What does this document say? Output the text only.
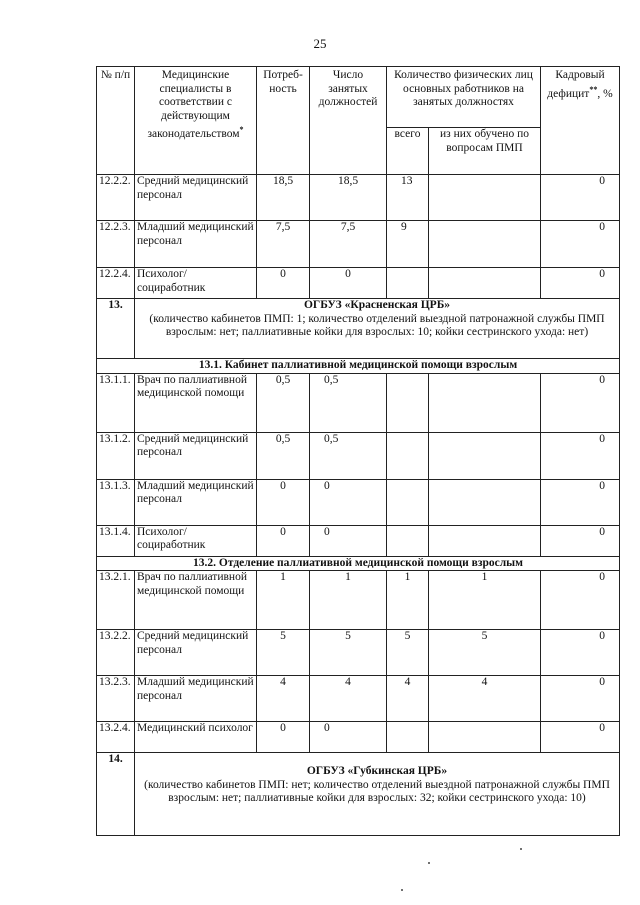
25
№ п/п	Медицинские специалисты в соответствии с действующим законодательством*	Потреб-ность	Число занятых должностей	Количество физических лиц основных работников на занятых должностях		Кадровый дефицит**, %
				всего	из них обучено по вопросам ПМП	
12.2.2.	Средний медицинский персонал	18,5	18,5	13		0
12.2.3.	Младший медицинский персонал	7,5	7,5	9		0
12.2.4.	Психолог/ социработник	0	0			0
13.	ОГБУЗ «Красненская ЦРБ»
(количество кабинетов ПМП: 1; количество отделений выездной патронажной службы ПМП взрослым: нет; паллиативные койки для взрослых: 10; койки сестринского ухода: нет)					

13.1. Кабинет паллиативной медицинской помощи взрослым						
13.1.1.	Врач по паллиативной медицинской помощи	0,5	0,5			0
13.1.2.	Средний медицинский персонал	0,5	0,5			0
13.1.3.	Младший медицинский персонал	0	0			0
13.1.4.	Психолог/ социработник	0	0			0
13.2. Отделение паллиативной медицинской помощи взрослым						
13.2.1.	Врач по паллиативной медицинской помощи	1	1	1	1	0
13.2.2.	Средний медицинский персонал	5	5	5	5	0
13.2.3.	Младший медицинский персонал	4	4	4	4	0
13.2.4.	Медицинский психолог	0	0			0
14.	ОГБУЗ «Губкинская ЦРБ»
(количество кабинетов ПМП: нет; количество отделений выездной патронажной службы ПМП взрослым: нет; паллиативные койки для взрослых: 32; койки сестринского ухода: 10)					
